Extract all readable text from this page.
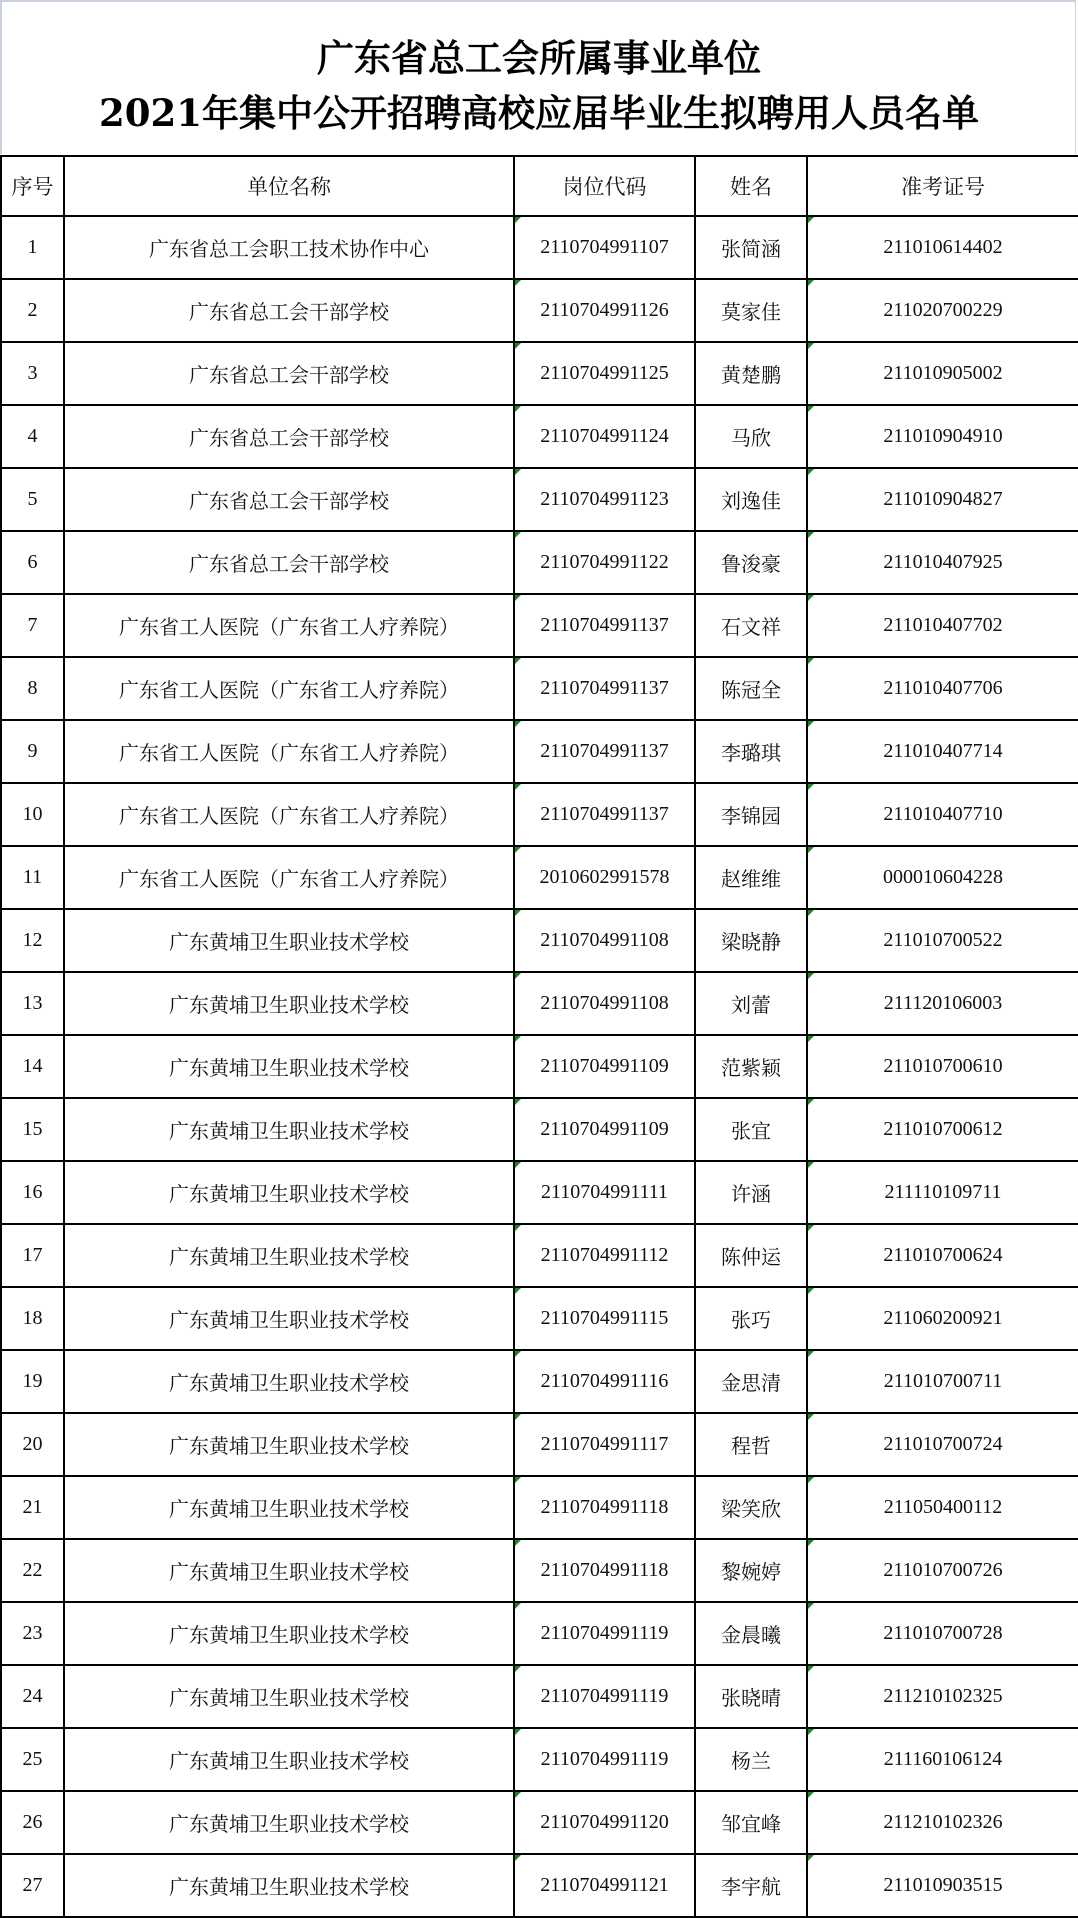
广东省总工会所属事业单位
2021年集中公开招聘高校应届毕业生拟聘用人员名单
序号	单位名称	岗位代码	姓名	准考证号
1	广东省总工会职工技术协作中心	2110704991107	张简涵	211010614402
2	广东省总工会干部学校	2110704991126	莫家佳	211020700229
3	广东省总工会干部学校	2110704991125	黄楚鹏	211010905002
4	广东省总工会干部学校	2110704991124	马欣	211010904910
5	广东省总工会干部学校	2110704991123	刘逸佳	211010904827
6	广东省总工会干部学校	2110704991122	鲁浚豪	211010407925
7	广东省工人医院（广东省工人疗养院）	2110704991137	石文祥	211010407702
8	广东省工人医院（广东省工人疗养院）	2110704991137	陈冠全	211010407706
9	广东省工人医院（广东省工人疗养院）	2110704991137	李璐琪	211010407714
10	广东省工人医院（广东省工人疗养院）	2110704991137	李锦园	211010407710
11	广东省工人医院（广东省工人疗养院）	2010602991578	赵维维	000010604228
12	广东黄埔卫生职业技术学校	2110704991108	梁晓静	211010700522
13	广东黄埔卫生职业技术学校	2110704991108	刘蕾	211120106003
14	广东黄埔卫生职业技术学校	2110704991109	范紫颖	211010700610
15	广东黄埔卫生职业技术学校	2110704991109	张宜	211010700612
16	广东黄埔卫生职业技术学校	2110704991111	许涵	211110109711
17	广东黄埔卫生职业技术学校	2110704991112	陈仲运	211010700624
18	广东黄埔卫生职业技术学校	2110704991115	张巧	211060200921
19	广东黄埔卫生职业技术学校	2110704991116	金思清	211010700711
20	广东黄埔卫生职业技术学校	2110704991117	程哲	211010700724
21	广东黄埔卫生职业技术学校	2110704991118	梁笑欣	211050400112
22	广东黄埔卫生职业技术学校	2110704991118	黎婉婷	211010700726
23	广东黄埔卫生职业技术学校	2110704991119	金晨曦	211010700728
24	广东黄埔卫生职业技术学校	2110704991119	张晓晴	211210102325
25	广东黄埔卫生职业技术学校	2110704991119	杨兰	211160106124
26	广东黄埔卫生职业技术学校	2110704991120	邹宜峰	211210102326
27	广东黄埔卫生职业技术学校	2110704991121	李宇航	211010903515
